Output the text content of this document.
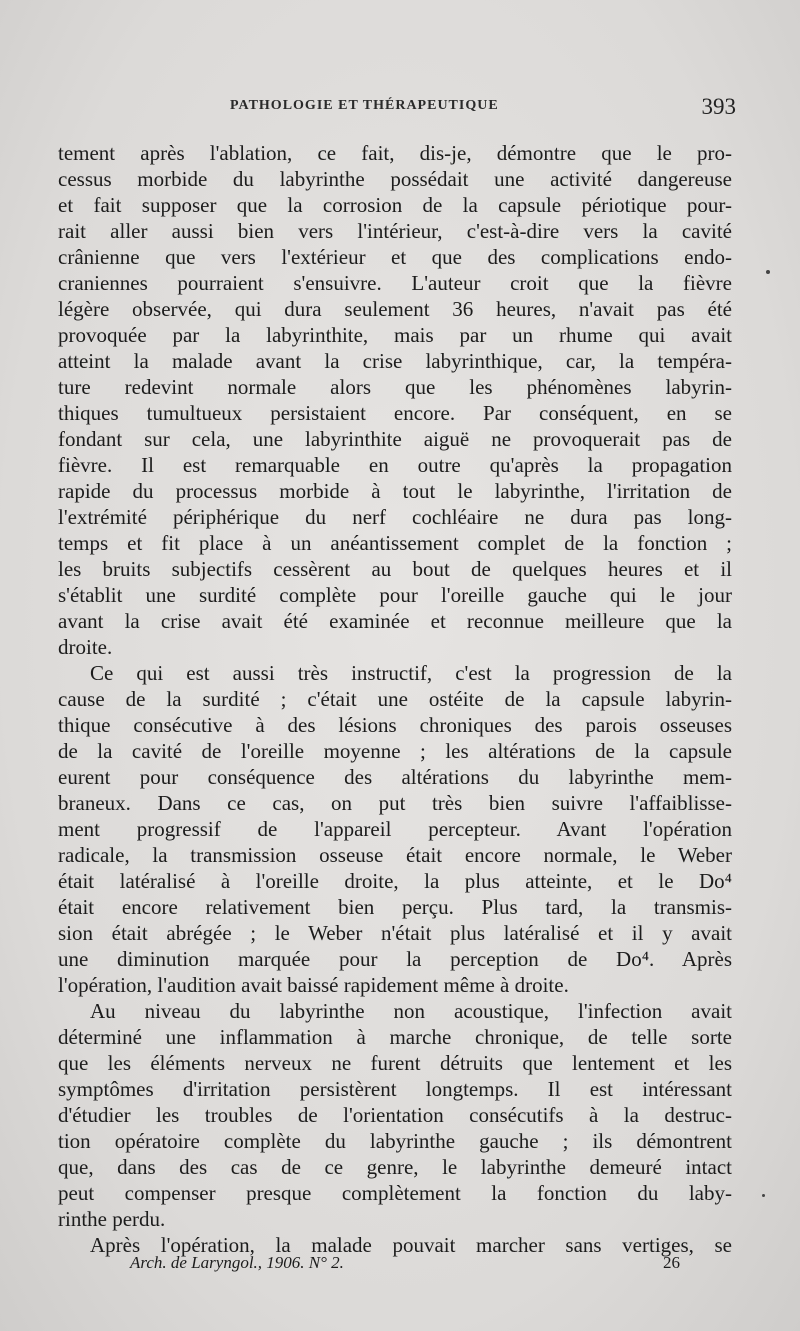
PATHOLOGIE ET THÉRAPEUTIQUE	393
tement après l'ablation, ce fait, dis-je, démontre que le pro-
cessus morbide du labyrinthe possédait une activité dangereuse
et fait supposer que la corrosion de la capsule périotique pour-
rait aller aussi bien vers l'intérieur, c'est-à-dire vers la cavité
crânienne que vers l'extérieur et que des complications endo-
craniennes pourraient s'ensuivre. L'auteur croit que la fièvre
légère observée, qui dura seulement 36 heures, n'avait pas été
provoquée par la labyrinthite, mais par un rhume qui avait
atteint la malade avant la crise labyrinthique, car, la tempéra-
ture redevint normale alors que les phénomènes labyrin-
thiques tumultueux persistaient encore. Par conséquent, en se
fondant sur cela, une labyrinthite aiguë ne provoquerait pas de
fièvre. Il est remarquable en outre qu'après la propagation
rapide du processus morbide à tout le labyrinthe, l'irritation de
l'extrémité périphérique du nerf cochléaire ne dura pas long-
temps et fit place à un anéantissement complet de la fonction ;
les bruits subjectifs cessèrent au bout de quelques heures et il
s'établit une surdité complète pour l'oreille gauche qui le jour
avant la crise avait été examinée et reconnue meilleure que la
droite.
Ce qui est aussi très instructif, c'est la progression de la
cause de la surdité ; c'était une ostéite de la capsule labyrin-
thique consécutive à des lésions chroniques des parois osseuses
de la cavité de l'oreille moyenne ; les altérations de la capsule
eurent pour conséquence des altérations du labyrinthe mem-
braneux. Dans ce cas, on put très bien suivre l'affaiblisse-
ment progressif de l'appareil percepteur. Avant l'opération
radicale, la transmission osseuse était encore normale, le Weber
était latéralisé à l'oreille droite, la plus atteinte, et le Do⁴
était encore relativement bien perçu. Plus tard, la transmis-
sion était abrégée ; le Weber n'était plus latéralisé et il y avait
une diminution marquée pour la perception de Do⁴. Après
l'opération, l'audition avait baissé rapidement même à droite.
Au niveau du labyrinthe non acoustique, l'infection avait
déterminé une inflammation à marche chronique, de telle sorte
que les éléments nerveux ne furent détruits que lentement et les
symptômes d'irritation persistèrent longtemps. Il est intéressant
d'étudier les troubles de l'orientation consécutifs à la destruc-
tion opératoire complète du labyrinthe gauche ; ils démontrent
que, dans des cas de ce genre, le labyrinthe demeuré intact
peut compenser presque complètement la fonction du laby-
rinthe perdu.
Après l'opération, la malade pouvait marcher sans vertiges, se
Arch. de Laryngol., 1906. N° 2.	26
